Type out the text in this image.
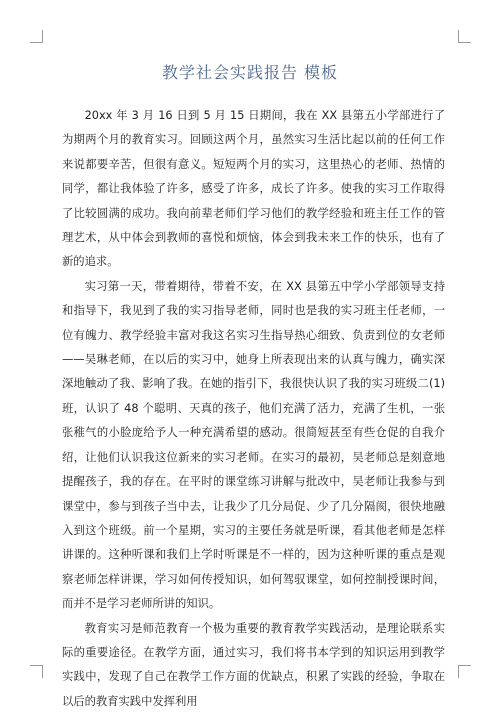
教学社会实践报告 模板

20xx 年 3 月 16 日到 5 月 15 日期间，我在 XX 县第五小学部进行了为期两个月的教育实习。回顾这两个月，虽然实习生活比起以前的任何工作来说都要辛苦，但很有意义。短短两个月的实习，这里热心的老师、热情的同学，都让我体验了许多，感受了许多，成长了许多。使我的实习工作取得了比较圆满的成功。我向前辈老师们学习他们的教学经验和班主任工作的管理艺术，从中体会到教师的喜悦和烦恼，体会到我未来工作的快乐，也有了新的追求。

实习第一天，带着期待，带着不安，在 XX 县第五中学小学部领导支持和指导下，我见到了我的实习指导老师，同时也是我的实习班主任老师，一位有魄力、教学经验丰富对我这名实习生指导热心细致、负责到位的女老师——吴琳老师，在以后的实习中，她身上所表现出来的认真与魄力，确实深深地触动了我、影响了我。在她的指引下，我很快认识了我的实习班级二(1)班，认识了 48 个聪明、天真的孩子，他们充满了活力，充满了生机，一张张稚气的小脸庞给予人一种充满希望的感动。很简短甚至有些仓促的自我介绍，让他们认识我这位新来的实习老师。在实习的最初，吴老师总是刻意地提醒孩子，我的存在。在平时的课堂练习讲解与批改中，吴老师让我参与到课堂中，参与到孩子当中去，让我少了几分局促、少了几分隔阂，很快地融入到这个班级。前一个星期，实习的主要任务就是听课，看其他老师是怎样讲课的。这种听课和我们上学时听课是不一样的，因为这种听课的重点是观察老师怎样讲课，学习如何传授知识，如何驾驭课堂，如何控制授课时间，而并不是学习老师所讲的知识。

教育实习是师范教育一个极为重要的教育教学实践活动，是理论联系实际的重要途径。在教学方面，通过实习，我们将书本学到的知识运用到教学实践中，发现了自己在教学工作方面的优缺点，积累了实践的经验，争取在以后的教育实践中发挥利用
